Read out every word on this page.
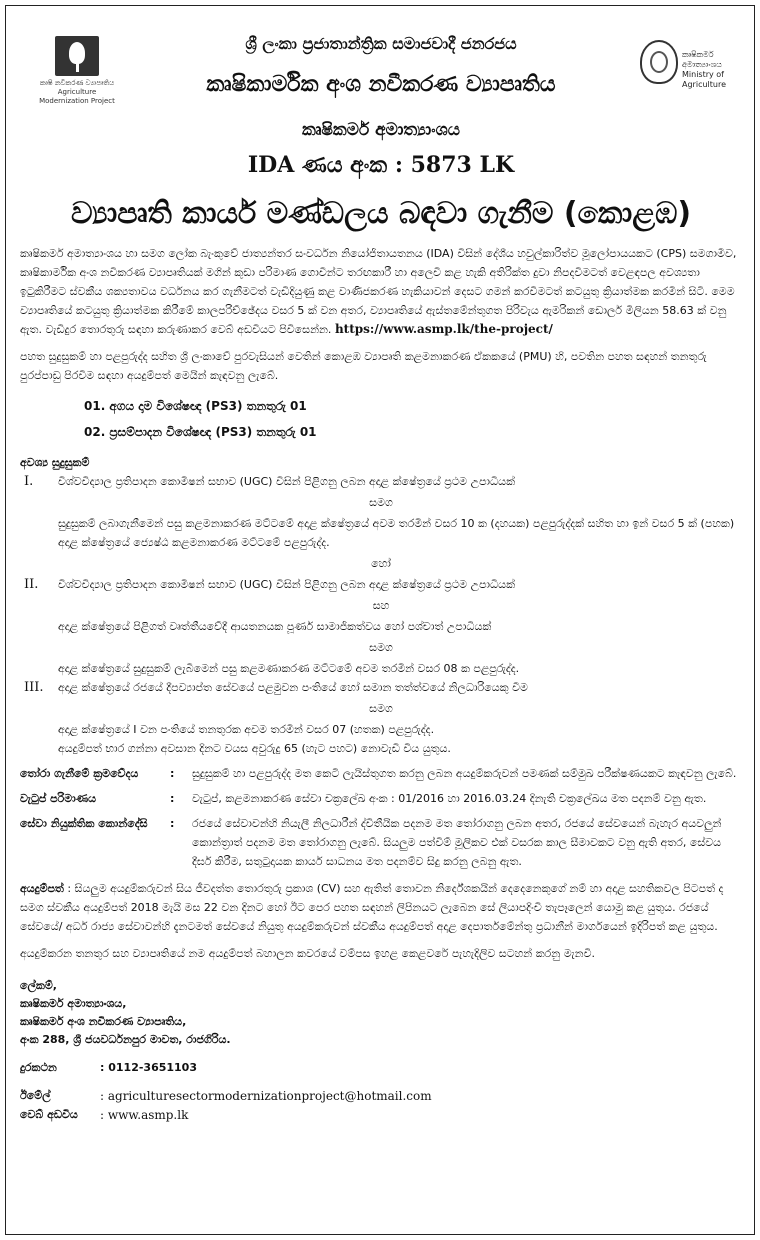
කෘෂි නවීකරණ ව්‍යාපෘතිය Agriculture Modernization Project
ශ්‍රී ලංකා ප්‍රජාතාන්ත්‍රික සමාජවාදී ජනරජය
කෘෂිකාර්මික අංශ නවීකරණ ව්‍යාපෘතිය
කෘෂිකර්ම අමාත්‍යාංශය
IDA ණය අංක : 5873 LK
ව්‍යාපෘති කාර්ය මණ්ඩලය බඳවා ගැනීම (කොළඹ)
කෘෂිකර්ම අමාත්‍යාංශය Ministry of Agriculture
කෘෂිකර්ම අමාත්‍යාංශය හා සමග ලෝක බැංකුවේ ජාත්‍යන්තර සංවර්ධන නියෝජිතායතනය (IDA) විසින් දේශීය හවුල්කාරිත්ව මූලෝපායයකට (CPS) සමගාමීව, කෘෂිකාර්මික අංශ නවීකරණ ව්‍යාපෘතියක් මගින් කුඩා පරිමාණ ගොවීන්ට තරඟකාරී හා අලෙවි කළ හැකි අතිරික්ත දුවා නිපදවීමටත් වෙළඳපල අවශ්‍යතා ඉටුකිරීමට ස්වකීය ශක්‍යතාවය වර්ධනය කර ගැනීමටත් වැඩිදියුණු කළ වාණිජකරණ හැකියාවන් දෙසට ගමන් කරවීමටත් කටයුතු ක්‍රියාත්මක කරමින් සිටී. මෙම ව්‍යාපෘතියේ කටයුතු ක්‍රියාත්මක කිරීමේ කාලපරිච්ඡේදය වසර 5 ක් වන අතර, ව්‍යාපෘතියේ ඇස්තමේන්තුගත පිරිවැය ඇමරිකන් ඩොලර් මිලියන 58.63 ක් වනු ඇත. වැඩිදුර තොරතුරු සඳහා කරුණාකර වෙබ් අඩවියට පිවිසෙන්න. https://www.asmp.lk/the-project/
පහත සුදුසුකම් හා පළපුරුද්ද සහිත ශ්‍රී ලංකාවේ පුරවැසියන් වෙතින් කොළඹ ව්‍යාපෘති කළමනාකරණ ඒකකයේ (PMU) හි, පවතින පහත සඳහන් තනතුරු පුරප්පාඩු පිරවීම සඳහා අයදුම්පත් මෙයින් කැඳවනු ලැබේ.
01. අගය දාම විශේෂඥ (PS3) තනතුරු 01
02. ප්‍රසම්පාදන විශේෂඥ (PS3) තනතුරු 01
අවශ්‍ය සුදුසුකම්
I. විශ්වවිද්‍යාල ප්‍රතිපාදන කොමිෂන් සභාව (UGC) විසින් පිළිගනු ලබන අදාළ ක්ෂේත්‍රයේ ප්‍රථම උපාධියක්
සමග
සුදුසුකම් ලබාගැනීමෙන් පසු කළමනාකරණ මට්ටමේ අදාළ ක්ෂේත්‍රයේ අවම තරමින් වසර 10 ක (දහයක) පළපුරුද්දක් සහිත හා ඉන් වසර 5 ක් (පහක) අදාළ ක්ෂේත්‍රයේ ජ්‍යෙෂ්ඨ කළමනාකරණ මට්ටමේ පළපුරුද්ද.
හෝ
II. විශ්වවිද්‍යාල ප්‍රතිපාදන කොමිෂන් සභාව (UGC) විසින් පිළිගනු ලබන අදාළ ක්ෂේත්‍රයේ ප්‍රථම උපාධියක්
සහ
අදාළ ක්ෂේත්‍රයේ පිළිගත් වෘත්තීයවේදී ආයතනයක පූර්ණ සාමාජිකත්වය හෝ පශ්චාත් උපාධියක්
සමග
අදාළ ක්ෂේත්‍රයේ සුදුසුකම් ලැබීමෙන් පසු කළමණාකරණ මට්ටමේ අවම තරමින් වසර 08 ක පළපුරුද්ද.
III. අදාළ ක්ෂේත්‍රයේ රජයේ දීපව්‍යාප්ත සේවයේ පළමුවන පංතියේ හෝ සමාන තත්ත්වයේ නිලධාරියෙකු වීම
සමග
අදාළ ක්ෂේත්‍රයේ I වන පංතියේ තනතුරක අවම තරමින් වසර 07 (හතක) පළපුරුද්ද.
අයදුම්පත් භාර ගන්නා අවසාන දිනට වයස අවුරුදු 65 (හැට පහට) නොවැඩි විය යුතුය.
තෝරා ගැනීමේ ක්‍රමවේදය	:	සුදුසුකම් හා පළපුරුද්ද මත කෙටි ලැයිස්තුගත කරනු ලබන අයදුම්කරුවන් පමණක් සම්මුඛ පරීක්ෂණයකට කැඳවනු ලැබේ.
වැටුප් පරිමාණය	:	වැටුප්, කළමනාකරණ සේවා චක්‍රලේඛ අංක : 01/2016 හා 2016.03.24 දිනැති චක්‍රලේඛය මත පදනම් වනු ඇත.
සේවා නියුක්තික කොන්දේසි	:	රජයේ සේවාවන්හි නියැලී නිලධාරීන් ද්විතීයික පදනම මත තෝරාගනු ලබන අතර, රජයේ සේවයෙන් බැහැර අයවලුන් කොන්ත්‍රාත් පදනම මත තෝරාගනු ලැබේ. සියලුම පත්වීම් මූලිකව එක් වසරක කාල සීමාවකට වනු ඇති අතර, සේවය දීර්ඝ කිරීම, සතුටුදායක කාර්ය සාධනය මත පදනම්ව සිදු කරනු ලබනු ඇත.
අයදුම්පත් : සියලුම අයදුම්කරුවන් සිය ජීවදත්ත තොරතුරු ප්‍රකාශ (CV) සහ ඇතිත් තොවන නිර්දේශකයින් දෙදෙනෙකුගේ නම් හා අදාළ සහතිකවල පිටපත් ද සමග ස්වකීය අයදුම්පත් 2018 මැයි මස 22 වන දිනට හෝ ඊට පෙර පහත සඳහන් ලිපිනයට ලැබෙන සේ ලියාපදිංචි තැපෑලෙන් යොමු කළ යුතුය. රජයේ සේවයේ/ අර්ධ රාජ්‍ය සේවාවන්හි දැනටමත් සේවයේ නියුතු අයදුම්කරුවන් ස්වකීය අයදුම්පත් අදාළ දෙපාර්තමේන්තු ප්‍රධානීන් මාර්ගයෙන් ඉදිරිපත් කළ යුතුය.
අයදුම්කරන තනතුර සහ ව්‍යාපෘතියේ නම අයදුම්පත් බහාලන කවරයේ වම්පස ඉහළ කෙළවරේ පැහැදිලිව සටහන් කරනු මැනවි.
ලේකම්,
කෘෂිකර්ම අමාත්‍යාංශය,
කෘෂිකර්ම අංශ නවීකරණ ව්‍යාපෘතිය,
අංක 288, ශ්‍රී ජයවර්ධනපුර මාවත, රාජගිරිය.
දුරකථන	: 0112-3651103
ඊමේල්	: agriculturesectormodernizationproject@hotmail.com
වෙබ් අඩවිය : www.asmp.lk
